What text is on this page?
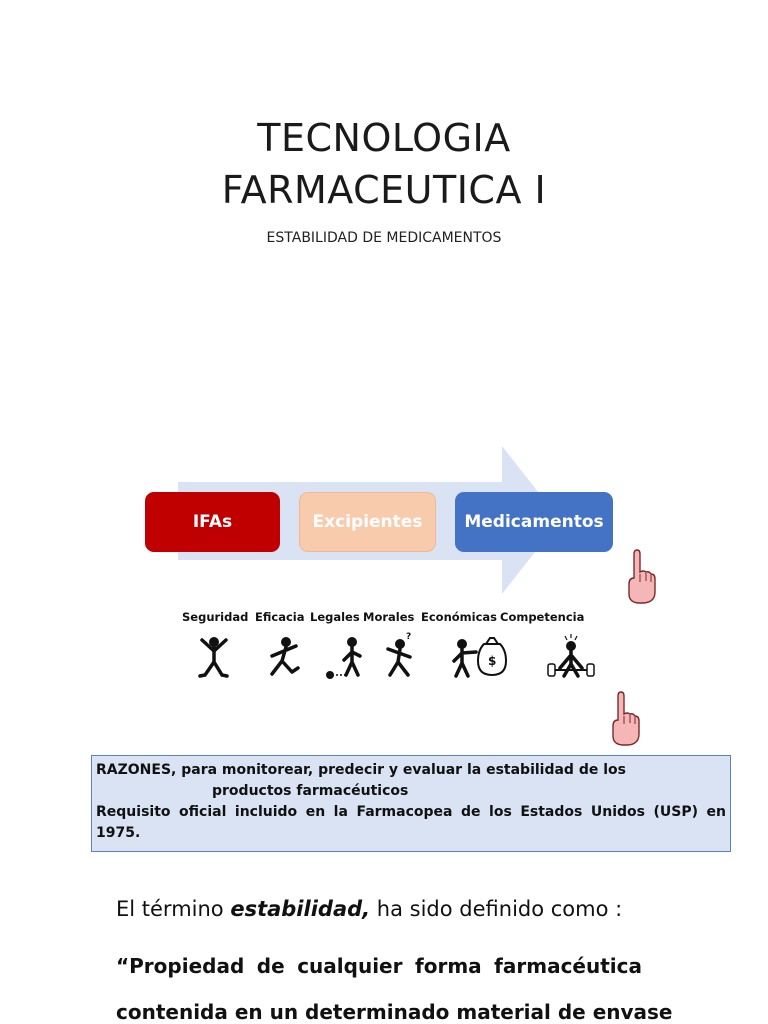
TECNOLOGIA
FARMACEUTICA I
ESTABILIDAD DE MEDICAMENTOS
IFAs	Excipientes	Medicamentos
Seguridad Eficacia Legales Morales Económicas Competencia
?
$
RAZONES, para monitorear, predecir y evaluar la estabilidad de los
productos farmacéuticos
Requisito oficial incluido en la Farmacopea de los Estados Unidos (USP) en 1975.
El término estabilidad, ha sido definido como :
“Propiedad de cualquier forma farmacéutica
contenida en un determinado material de envase
